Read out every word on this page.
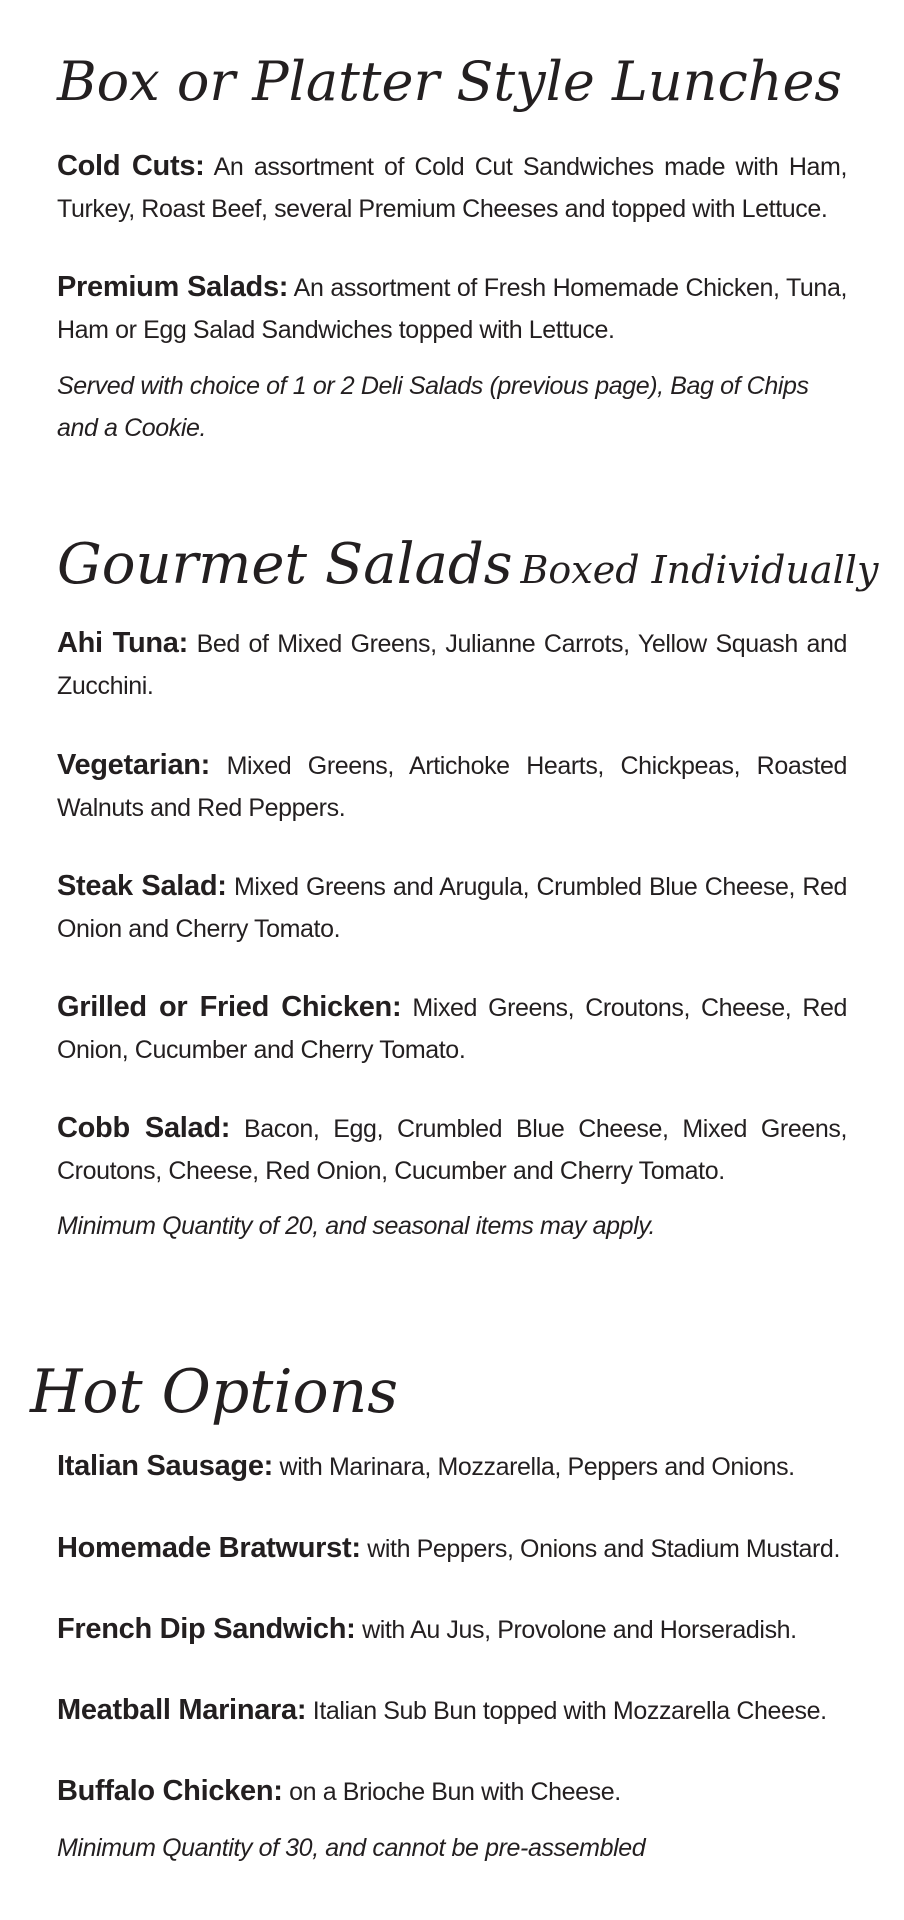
Box or Platter Style Lunches

Cold Cuts: An assortment of Cold Cut Sandwiches made with Ham, Turkey, Roast Beef, several Premium Cheeses and topped with Lettuce.

Premium Salads: An assortment of Fresh Homemade Chicken, Tuna, Ham or Egg Salad Sandwiches topped with Lettuce.

Served with choice of 1 or 2 Deli Salads (previous page), Bag of Chips and a Cookie.

Gourmet Salads Boxed Individually

Ahi Tuna: Bed of Mixed Greens, Julianne Carrots, Yellow Squash and Zucchini.

Vegetarian: Mixed Greens, Artichoke Hearts, Chickpeas, Roasted Walnuts and Red Peppers.

Steak Salad: Mixed Greens and Arugula, Crumbled Blue Cheese, Red Onion and Cherry Tomato.

Grilled or Fried Chicken: Mixed Greens, Croutons, Cheese, Red Onion, Cucumber and Cherry Tomato.

Cobb Salad: Bacon, Egg, Crumbled Blue Cheese, Mixed Greens, Croutons, Cheese, Red Onion, Cucumber and Cherry Tomato.

Minimum Quantity of 20, and seasonal items may apply.

Hot Options

Italian Sausage: with Marinara, Mozzarella, Peppers and Onions.

Homemade Bratwurst: with Peppers, Onions and Stadium Mustard.

French Dip Sandwich: with Au Jus, Provolone and Horseradish.

Meatball Marinara: Italian Sub Bun topped with Mozzarella Cheese.

Buffalo Chicken: on a Brioche Bun with Cheese.

Minimum Quantity of 30, and cannot be pre-assembled
